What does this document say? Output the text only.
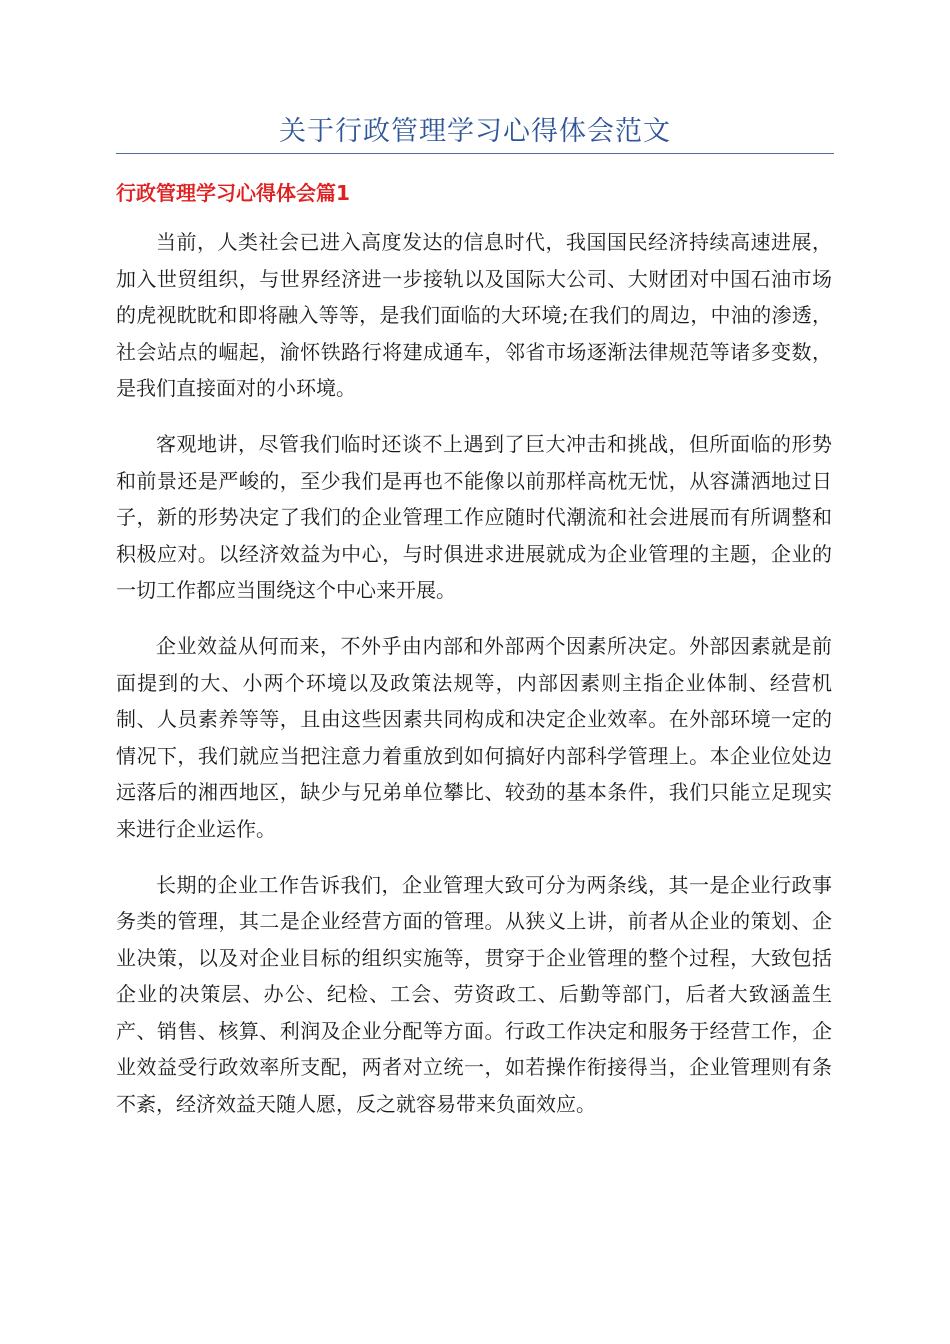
关于行政管理学习心得体会范文
行政管理学习心得体会篇1

当前，人类社会已进入高度发达的信息时代，我国国民经济持续高速进展，加入世贸组织，与世界经济进一步接轨以及国际大公司、大财团对中国石油市场的虎视眈眈和即将融入等等，是我们面临的大环境;在我们的周边，中油的渗透，社会站点的崛起，渝怀铁路行将建成通车，邻省市场逐渐法律规范等诸多变数，是我们直接面对的小环境。

客观地讲，尽管我们临时还谈不上遇到了巨大冲击和挑战，但所面临的形势和前景还是严峻的，至少我们是再也不能像以前那样高枕无忧，从容潇洒地过日子，新的形势决定了我们的企业管理工作应随时代潮流和社会进展而有所调整和积极应对。以经济效益为中心，与时俱进求进展就成为企业管理的主题，企业的一切工作都应当围绕这个中心来开展。

企业效益从何而来，不外乎由内部和外部两个因素所决定。外部因素就是前面提到的大、小两个环境以及政策法规等，内部因素则主指企业体制、经营机制、人员素养等等，且由这些因素共同构成和决定企业效率。在外部环境一定的情况下，我们就应当把注意力着重放到如何搞好内部科学管理上。本企业位处边远落后的湘西地区，缺少与兄弟单位攀比、较劲的基本条件，我们只能立足现实来进行企业运作。

长期的企业工作告诉我们，企业管理大致可分为两条线，其一是企业行政事务类的管理，其二是企业经营方面的管理。从狭义上讲，前者从企业的策划、企业决策，以及对企业目标的组织实施等，贯穿于企业管理的整个过程，大致包括企业的决策层、办公、纪检、工会、劳资政工、后勤等部门，后者大致涵盖生产、销售、核算、利润及企业分配等方面。行政工作决定和服务于经营工作，企业效益受行政效率所支配，两者对立统一，如若操作衔接得当，企业管理则有条不紊，经济效益天随人愿，反之就容易带来负面效应。
